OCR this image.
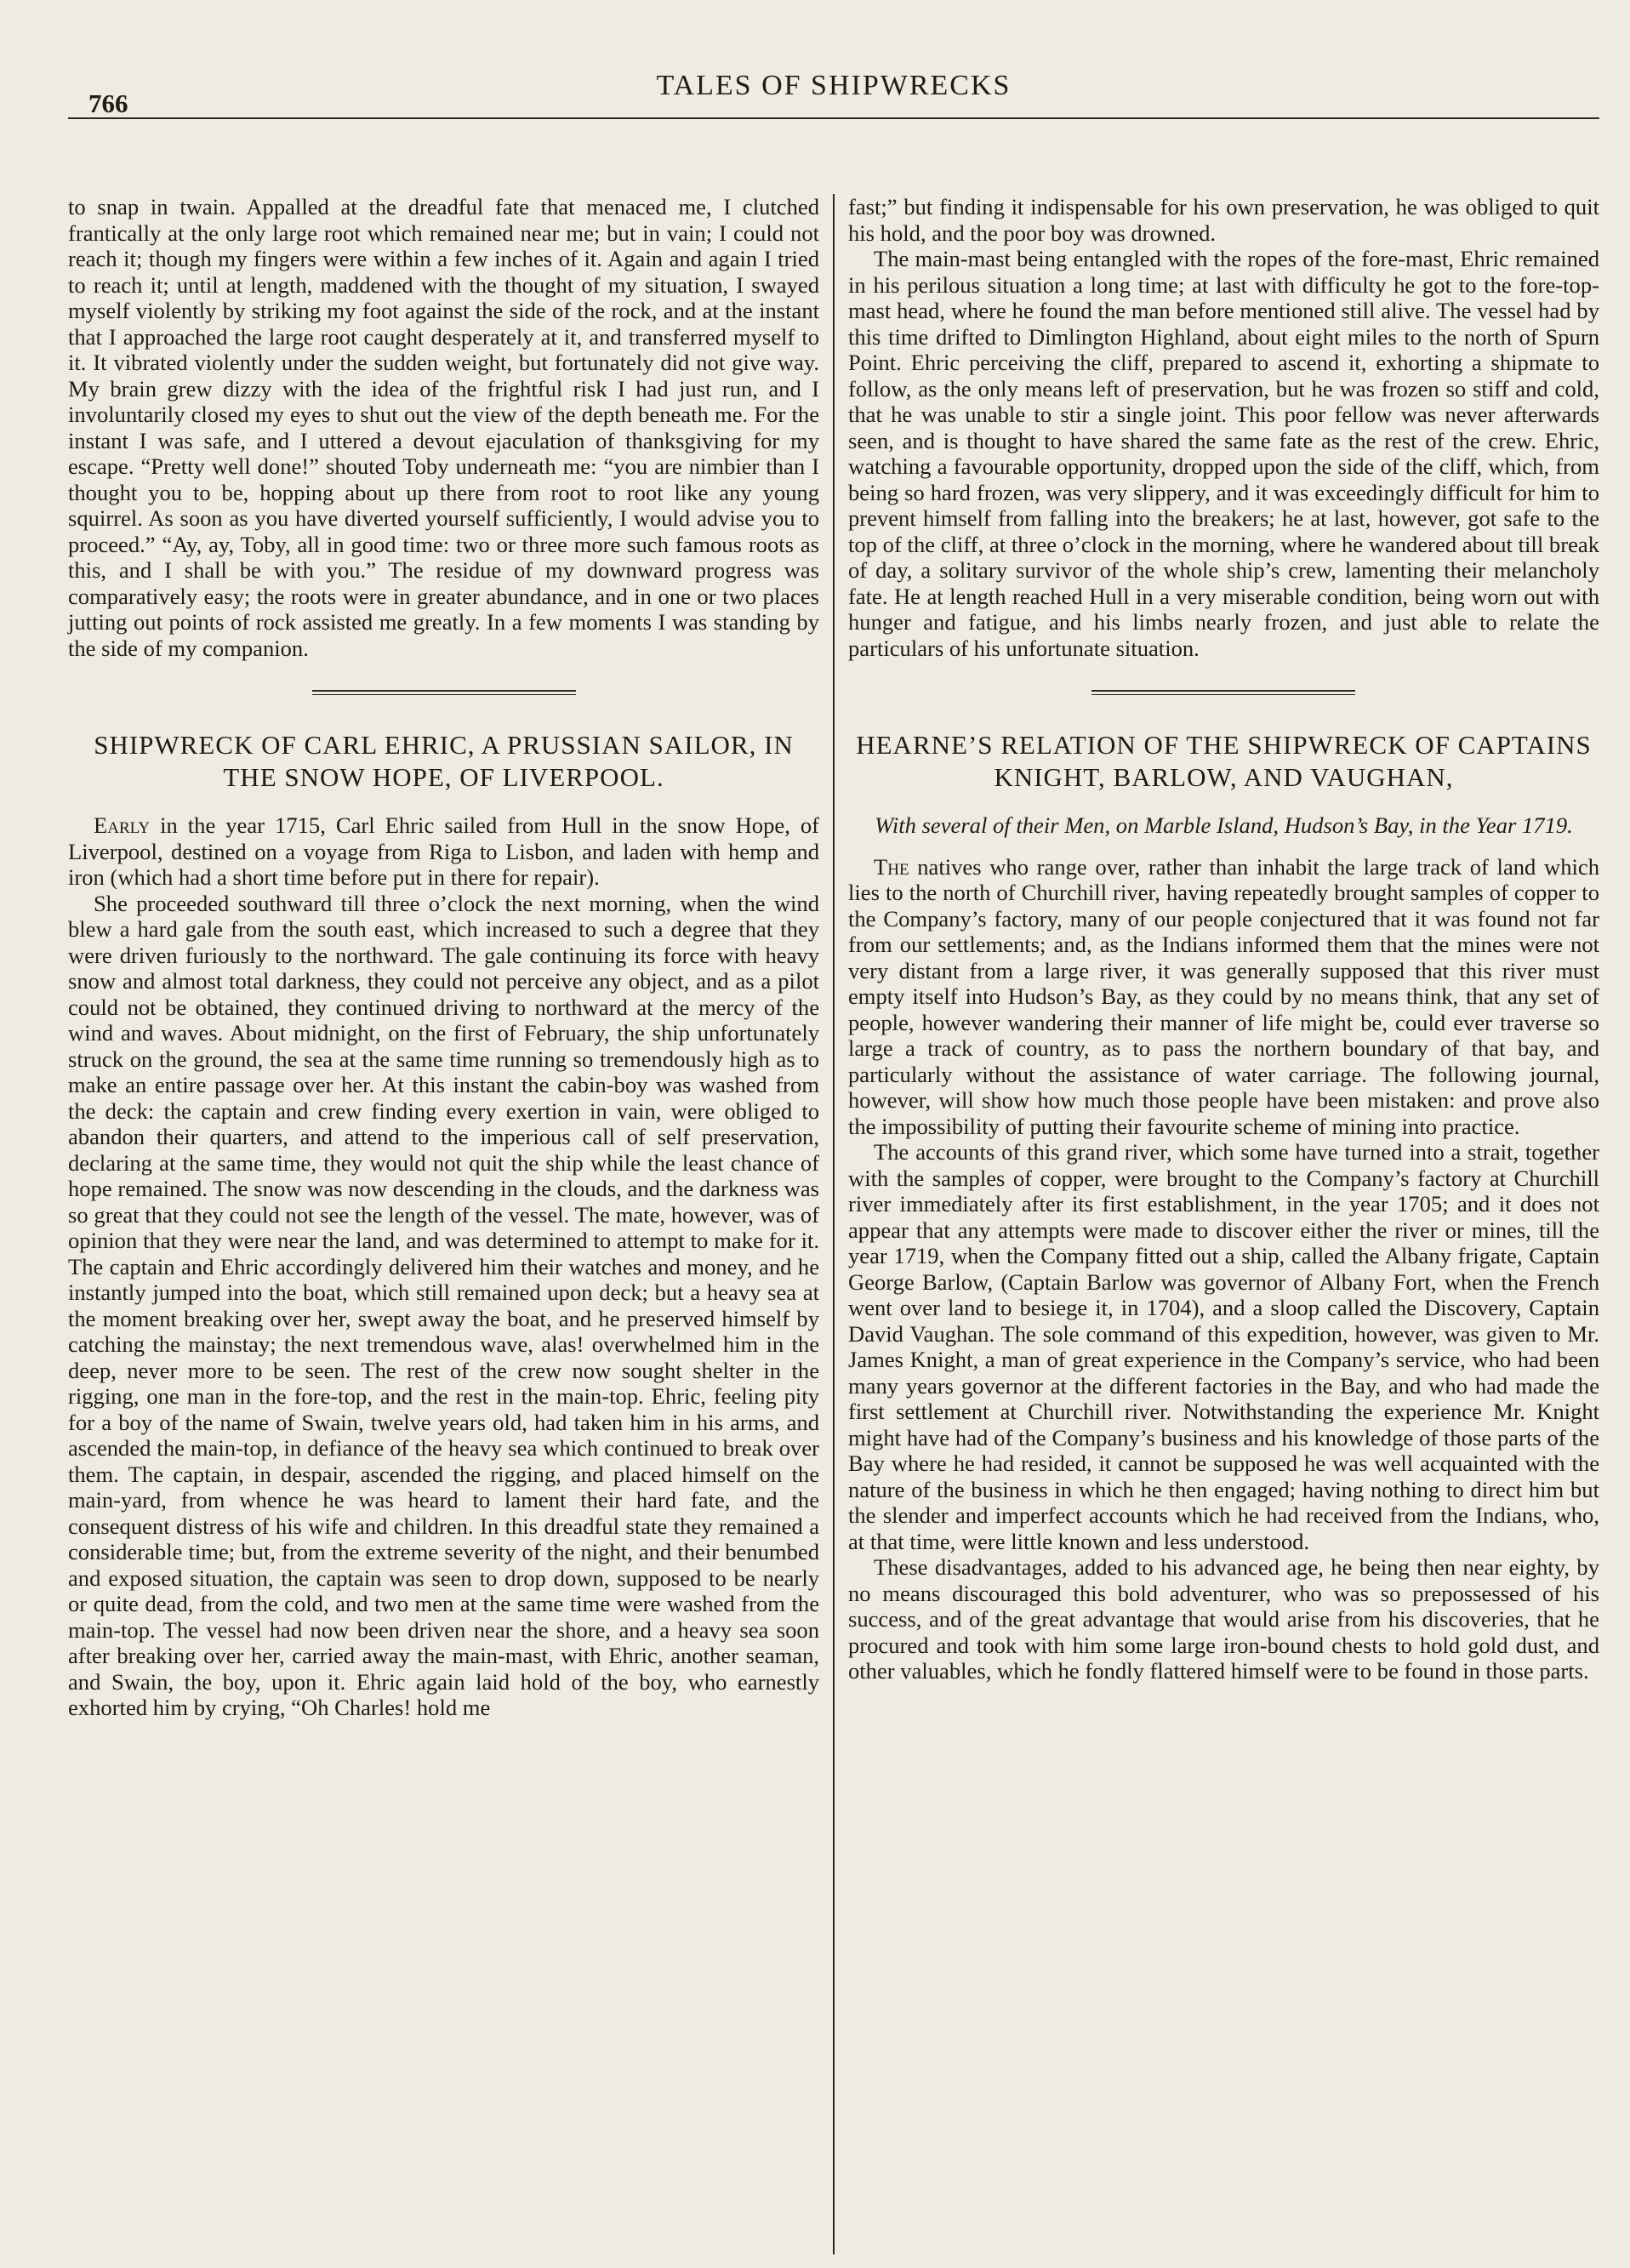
766
TALES OF SHIPWRECKS

to snap in twain. Appalled at the dreadful fate that menaced me, I clutched frantically at the only large root which remained near me; but in vain; I could not reach it; though my fingers were within a few inches of it. Again and again I tried to reach it; until at length, maddened with the thought of my situation, I swayed myself violently by striking my foot against the side of the rock, and at the instant that I approached the large root caught desperately at it, and transferred myself to it. It vibrated violently under the sudden weight, but fortunately did not give way. My brain grew dizzy with the idea of the frightful risk I had just run, and I involuntarily closed my eyes to shut out the view of the depth beneath me. For the instant I was safe, and I uttered a devout ejaculation of thanksgiving for my escape. “Pretty well done!” shouted Toby underneath me: “you are nimbier than I thought you to be, hopping about up there from root to root like any young squirrel. As soon as you have diverted yourself sufficiently, I would advise you to proceed.” “Ay, ay, Toby, all in good time: two or three more such famous roots as this, and I shall be with you.” The residue of my downward progress was comparatively easy; the roots were in greater abundance, and in one or two places jutting out points of rock assisted me greatly. In a few moments I was standing by the side of my companion.

SHIPWRECK OF CARL EHRIC, A PRUSSIAN SAILOR, IN THE SNOW HOPE, OF LIVERPOOL.

Early in the year 1715, Carl Ehric sailed from Hull in the snow Hope, of Liverpool, destined on a voyage from Riga to Lisbon, and laden with hemp and iron (which had a short time before put in there for repair).

She proceeded southward till three o’clock the next morning, when the wind blew a hard gale from the south east, which increased to such a degree that they were driven furiously to the northward. The gale continuing its force with heavy snow and almost total darkness, they could not perceive any object, and as a pilot could not be obtained, they continued driving to northward at the mercy of the wind and waves. About midnight, on the first of February, the ship unfortunately struck on the ground, the sea at the same time running so tremendously high as to make an entire passage over her. At this instant the cabin-boy was washed from the deck: the captain and crew finding every exertion in vain, were obliged to abandon their quarters, and attend to the imperious call of self preservation, declaring at the same time, they would not quit the ship while the least chance of hope remained. The snow was now descending in the clouds, and the darkness was so great that they could not see the length of the vessel. The mate, however, was of opinion that they were near the land, and was determined to attempt to make for it. The captain and Ehric accordingly delivered him their watches and money, and he instantly jumped into the boat, which still remained upon deck; but a heavy sea at the moment breaking over her, swept away the boat, and he preserved himself by catching the mainstay; the next tremendous wave, alas! overwhelmed him in the deep, never more to be seen. The rest of the crew now sought shelter in the rigging, one man in the fore-top, and the rest in the main-top. Ehric, feeling pity for a boy of the name of Swain, twelve years old, had taken him in his arms, and ascended the main-top, in defiance of the heavy sea which continued to break over them. The captain, in despair, ascended the rigging, and placed himself on the main-yard, from whence he was heard to lament their hard fate, and the consequent distress of his wife and children. In this dreadful state they remained a considerable time; but, from the extreme severity of the night, and their benumbed and exposed situation, the captain was seen to drop down, supposed to be nearly or quite dead, from the cold, and two men at the same time were washed from the main-top. The vessel had now been driven near the shore, and a heavy sea soon after breaking over her, carried away the main-mast, with Ehric, another seaman, and Swain, the boy, upon it. Ehric again laid hold of the boy, who earnestly exhorted him by crying, “Oh Charles! hold me

fast;” but finding it indispensable for his own preservation, he was obliged to quit his hold, and the poor boy was drowned.

The main-mast being entangled with the ropes of the fore-mast, Ehric remained in his perilous situation a long time; at last with difficulty he got to the fore-top-mast head, where he found the man before mentioned still alive. The vessel had by this time drifted to Dimlington Highland, about eight miles to the north of Spurn Point. Ehric perceiving the cliff, prepared to ascend it, exhorting a shipmate to follow, as the only means left of preservation, but he was frozen so stiff and cold, that he was unable to stir a single joint. This poor fellow was never afterwards seen, and is thought to have shared the same fate as the rest of the crew. Ehric, watching a favourable opportunity, dropped upon the side of the cliff, which, from being so hard frozen, was very slippery, and it was exceedingly difficult for him to prevent himself from falling into the breakers; he at last, however, got safe to the top of the cliff, at three o’clock in the morning, where he wandered about till break of day, a solitary survivor of the whole ship’s crew, lamenting their melancholy fate. He at length reached Hull in a very miserable condition, being worn out with hunger and fatigue, and his limbs nearly frozen, and just able to relate the particulars of his unfortunate situation.

HEARNE’S RELATION OF THE SHIPWRECK OF CAPTAINS KNIGHT, BARLOW, AND VAUGHAN,
With several of their Men, on Marble Island, Hudson’s Bay, in the Year 1719.

The natives who range over, rather than inhabit the large track of land which lies to the north of Churchill river, having repeatedly brought samples of copper to the Company’s factory, many of our people conjectured that it was found not far from our settlements; and, as the Indians informed them that the mines were not very distant from a large river, it was generally supposed that this river must empty itself into Hudson’s Bay, as they could by no means think, that any set of people, however wandering their manner of life might be, could ever traverse so large a track of country, as to pass the northern boundary of that bay, and particularly without the assistance of water carriage. The following journal, however, will show how much those people have been mistaken: and prove also the impossibility of putting their favourite scheme of mining into practice.

The accounts of this grand river, which some have turned into a strait, together with the samples of copper, were brought to the Company’s factory at Churchill river immediately after its first establishment, in the year 1705; and it does not appear that any attempts were made to discover either the river or mines, till the year 1719, when the Company fitted out a ship, called the Albany frigate, Captain George Barlow, (Captain Barlow was governor of Albany Fort, when the French went over land to besiege it, in 1704), and a sloop called the Discovery, Captain David Vaughan. The sole command of this expedition, however, was given to Mr. James Knight, a man of great experience in the Company’s service, who had been many years governor at the different factories in the Bay, and who had made the first settlement at Churchill river. Notwithstanding the experience Mr. Knight might have had of the Company’s business and his knowledge of those parts of the Bay where he had resided, it cannot be supposed he was well acquainted with the nature of the business in which he then engaged; having nothing to direct him but the slender and imperfect accounts which he had received from the Indians, who, at that time, were little known and less understood.

These disadvantages, added to his advanced age, he being then near eighty, by no means discouraged this bold adventurer, who was so prepossessed of his success, and of the great advantage that would arise from his discoveries, that he procured and took with him some large iron-bound chests to hold gold dust, and other valuables, which he fondly flattered himself were to be found in those parts.
